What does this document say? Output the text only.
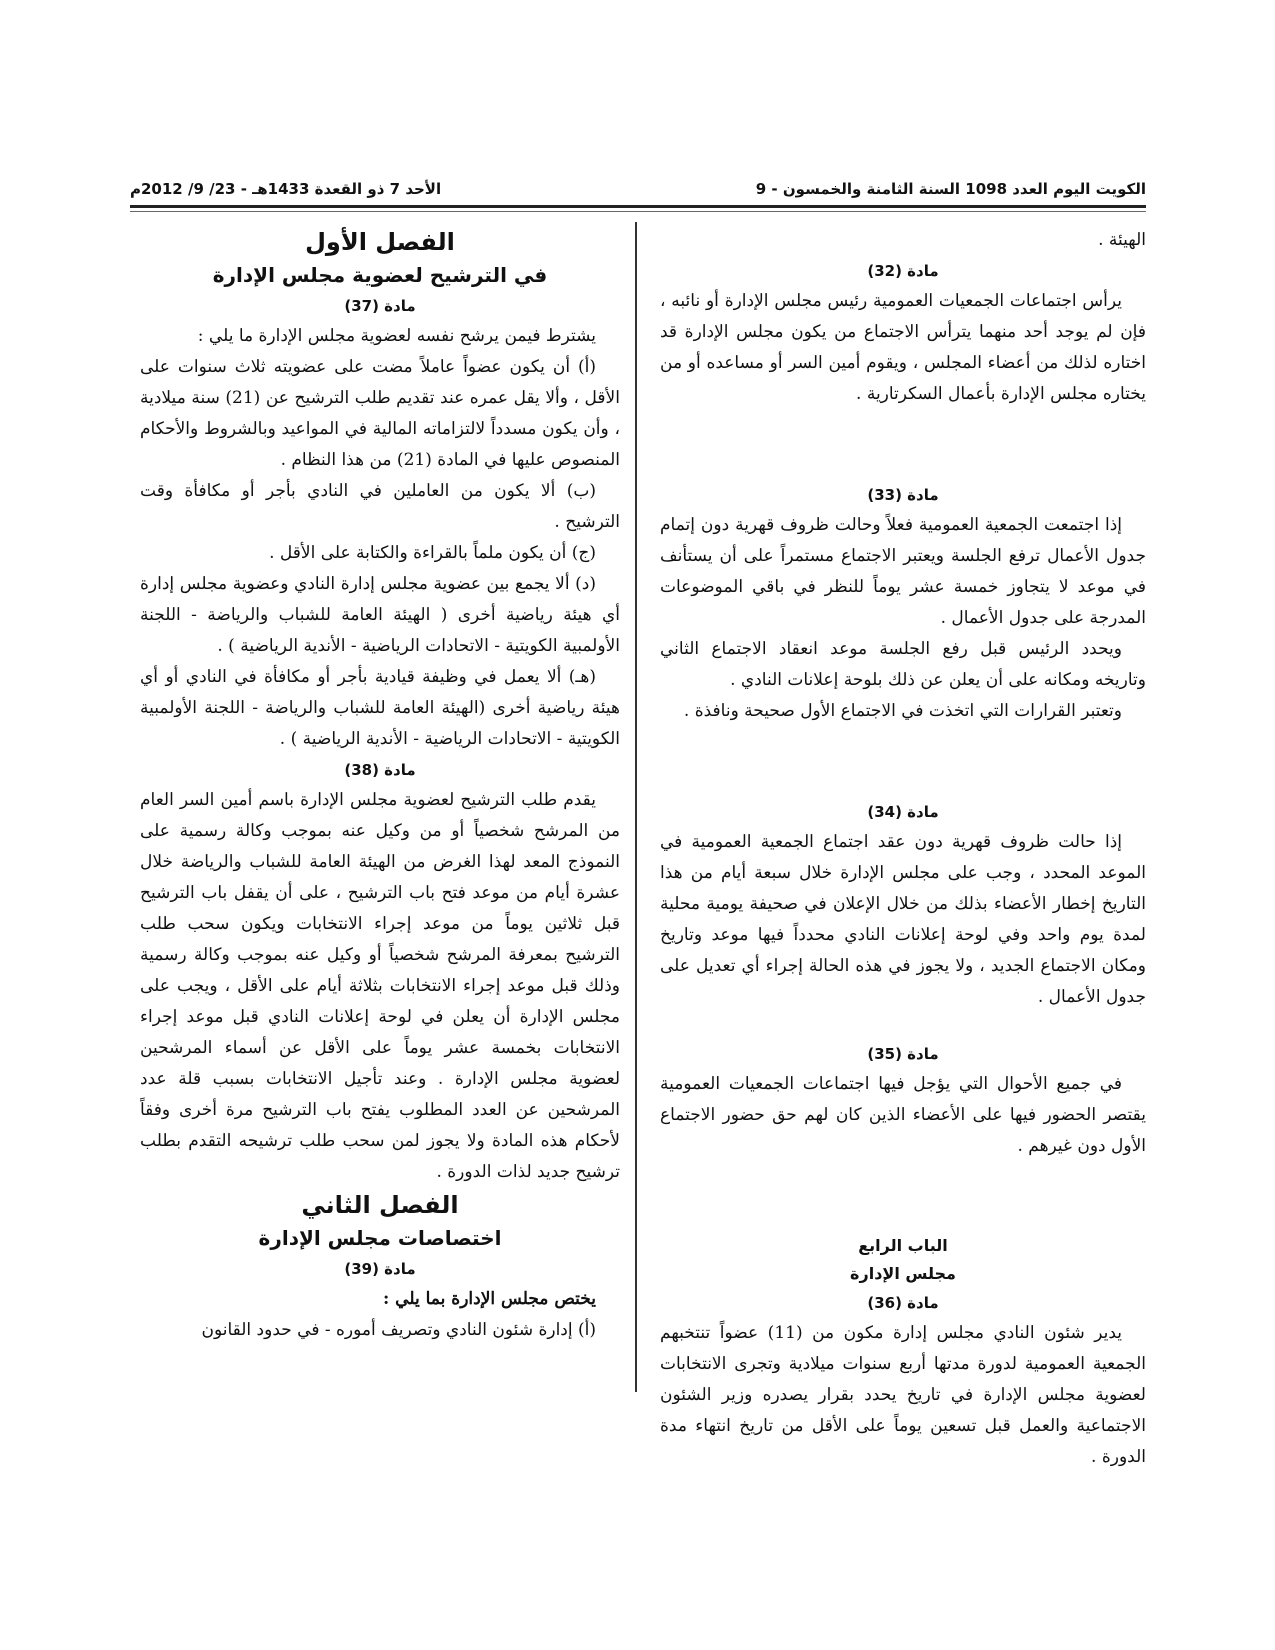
الكويت اليوم العدد 1098 السنة الثامنة والخمسون - 9
الأحد 7 ذو القعدة 1433هـ - 23/ 9/ 2012م

الهيئة .

مادة (32)

يرأس اجتماعات الجمعيات العمومية رئيس مجلس الإدارة أو نائبه ، فإن لم يوجد أحد منهما يترأس الاجتماع من يكون مجلس الإدارة قد اختاره لذلك من أعضاء المجلس ، ويقوم أمين السر أو مساعده أو من يختاره مجلس الإدارة بأعمال السكرتارية .

مادة (33)

إذا اجتمعت الجمعية العمومية فعلاً وحالت ظروف قهرية دون إتمام جدول الأعمال ترفع الجلسة ويعتبر الاجتماع مستمراً على أن يستأنف في موعد لا يتجاوز خمسة عشر يوماً للنظر في باقي الموضوعات المدرجة على جدول الأعمال .

ويحدد الرئيس قبل رفع الجلسة موعد انعقاد الاجتماع الثاني وتاريخه ومكانه على أن يعلن عن ذلك بلوحة إعلانات النادي .

وتعتبر القرارات التي اتخذت في الاجتماع الأول صحيحة ونافذة .

مادة (34)

إذا حالت ظروف قهرية دون عقد اجتماع الجمعية العمومية في الموعد المحدد ، وجب على مجلس الإدارة خلال سبعة أيام من هذا التاريخ إخطار الأعضاء بذلك من خلال الإعلان في صحيفة يومية محلية لمدة يوم واحد وفي لوحة إعلانات النادي محدداً فيها موعد وتاريخ ومكان الاجتماع الجديد ، ولا يجوز في هذه الحالة إجراء أي تعديل على جدول الأعمال .

مادة (35)

في جميع الأحوال التي يؤجل فيها اجتماعات الجمعيات العمومية يقتصر الحضور فيها على الأعضاء الذين كان لهم حق حضور الاجتماع الأول دون غيرهم .

الباب الرابع
مجلس الإدارة
مادة (36)

يدير شئون النادي مجلس إدارة مكون من (11) عضواً تنتخبهم الجمعية العمومية لدورة مدتها أربع سنوات ميلادية وتجرى الانتخابات لعضوية مجلس الإدارة في تاريخ يحدد بقرار يصدره وزير الشئون الاجتماعية والعمل قبل تسعين يوماً على الأقل من تاريخ انتهاء مدة الدورة .

الفصل الأول
في الترشيح لعضوية مجلس الإدارة
مادة (37)

يشترط فيمن يرشح نفسه لعضوية مجلس الإدارة ما يلي :

(أ) أن يكون عضواً عاملاً مضت على عضويته ثلاث سنوات على الأقل ، وألا يقل عمره عند تقديم طلب الترشيح عن (21) سنة ميلادية ، وأن يكون مسدداً لالتزاماته المالية في المواعيد وبالشروط والأحكام المنصوص عليها في المادة (21) من هذا النظام .

(ب) ألا يكون من العاملين في النادي بأجر أو مكافأة وقت الترشيح .

(ج) أن يكون ملماً بالقراءة والكتابة على الأقل .

(د) ألا يجمع بين عضوية مجلس إدارة النادي وعضوية مجلس إدارة أي هيئة رياضية أخرى ( الهيئة العامة للشباب والرياضة - اللجنة الأولمبية الكويتية - الاتحادات الرياضية - الأندية الرياضية ) .

(هـ) ألا يعمل في وظيفة قيادية بأجر أو مكافأة في النادي أو أي هيئة رياضية أخرى (الهيئة العامة للشباب والرياضة - اللجنة الأولمبية الكويتية - الاتحادات الرياضية - الأندية الرياضية ) .

مادة (38)

يقدم طلب الترشيح لعضوية مجلس الإدارة باسم أمين السر العام من المرشح شخصياً أو من وكيل عنه بموجب وكالة رسمية على النموذج المعد لهذا الغرض من الهيئة العامة للشباب والرياضة خلال عشرة أيام من موعد فتح باب الترشيح ، على أن يقفل باب الترشيح قبل ثلاثين يوماً من موعد إجراء الانتخابات ويكون سحب طلب الترشيح بمعرفة المرشح شخصياً أو وكيل عنه بموجب وكالة رسمية وذلك قبل موعد إجراء الانتخابات بثلاثة أيام على الأقل ، ويجب على مجلس الإدارة أن يعلن في لوحة إعلانات النادي قبل موعد إجراء الانتخابات بخمسة عشر يوماً على الأقل عن أسماء المرشحين لعضوية مجلس الإدارة . وعند تأجيل الانتخابات بسبب قلة عدد المرشحين عن العدد المطلوب يفتح باب الترشيح مرة أخرى وفقاً لأحكام هذه المادة ولا يجوز لمن سحب طلب ترشيحه التقدم بطلب ترشيح جديد لذات الدورة .

الفصل الثاني
اختصاصات مجلس الإدارة
مادة (39)

يختص مجلس الإدارة بما يلي :

(أ) إدارة شئون النادي وتصريف أموره - في حدود القانون
